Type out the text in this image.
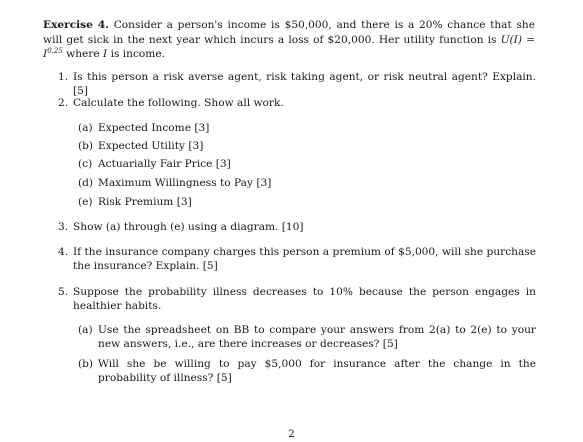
Exercise 4. Consider a person's income is $50,000, and there is a 20% chance that she will get sick in the next year which incurs a loss of $20,000. Her utility function is $U(I) = I^{0.25}$ where I is income.
1. Is this person a risk averse agent, risk taking agent, or risk neutral agent? Explain. [5]
2. Calculate the following. Show all work.
(a) Expected Income [3]
(b) Expected Utility [3]
(c) Actuarially Fair Price [3]
(d) Maximum Willingness to Pay [3]
(e) Risk Premium [3]
3. Show (a) through (e) using a diagram. [10]
4. If the insurance company charges this person a premium of $5,000, will she purchase the insurance? Explain. [5]
5. Suppose the probability illness decreases to 10% because the person engages in healthier habits.
(a) Use the spreadsheet on BB to compare your answers from 2(a) to 2(e) to your new answers, i.e., are there increases or decreases? [5]
(b) Will she be willing to pay $5,000 for insurance after the change in the probability of illness? [5]
2
